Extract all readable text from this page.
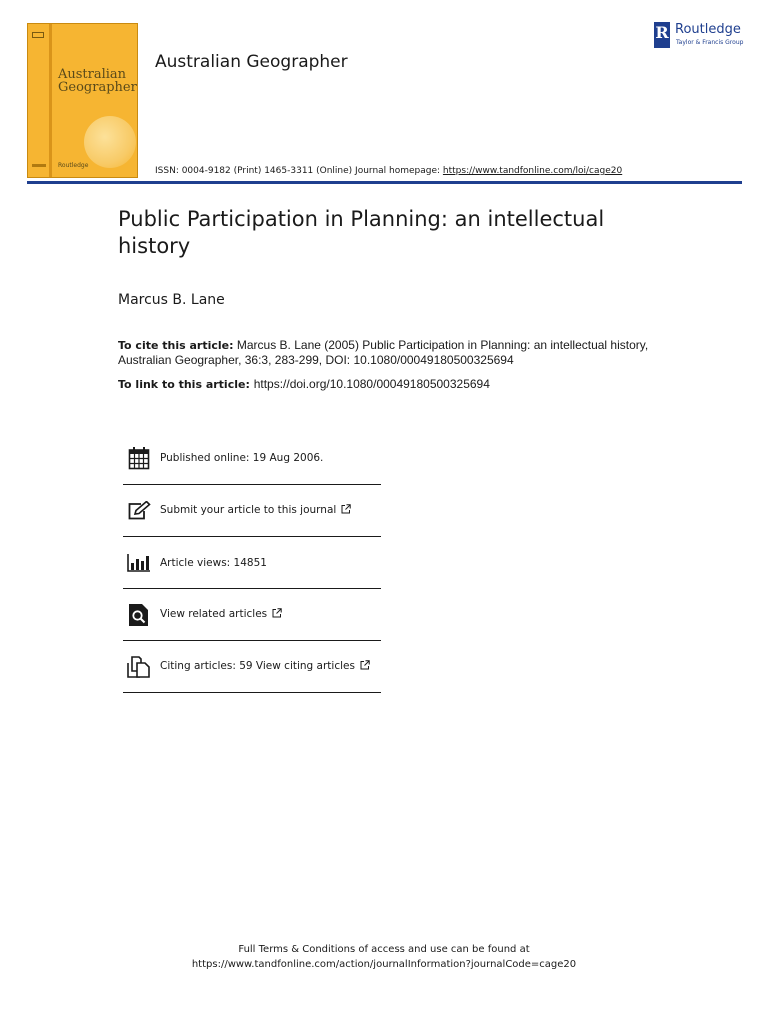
Australian Geographer
Routledge
Australian Geographer
R Routledge
Taylor & Francis Group
ISSN: 0004-9182 (Print) 1465-3311 (Online) Journal homepage: https://www.tandfonline.com/loi/cage20
Public Participation in Planning: an intellectual history
Marcus B. Lane
To cite this article: Marcus B. Lane (2005) Public Participation in Planning: an intellectual history, Australian Geographer, 36:3, 283-299, DOI: 10.1080/00049180500325694
To link to this article: https://doi.org/10.1080/00049180500325694
Published online: 19 Aug 2006.
Submit your article to this journal
Article views: 14851
View related articles
Citing articles: 59 View citing articles
Full Terms & Conditions of access and use can be found at
https://www.tandfonline.com/action/journalInformation?journalCode=cage20
